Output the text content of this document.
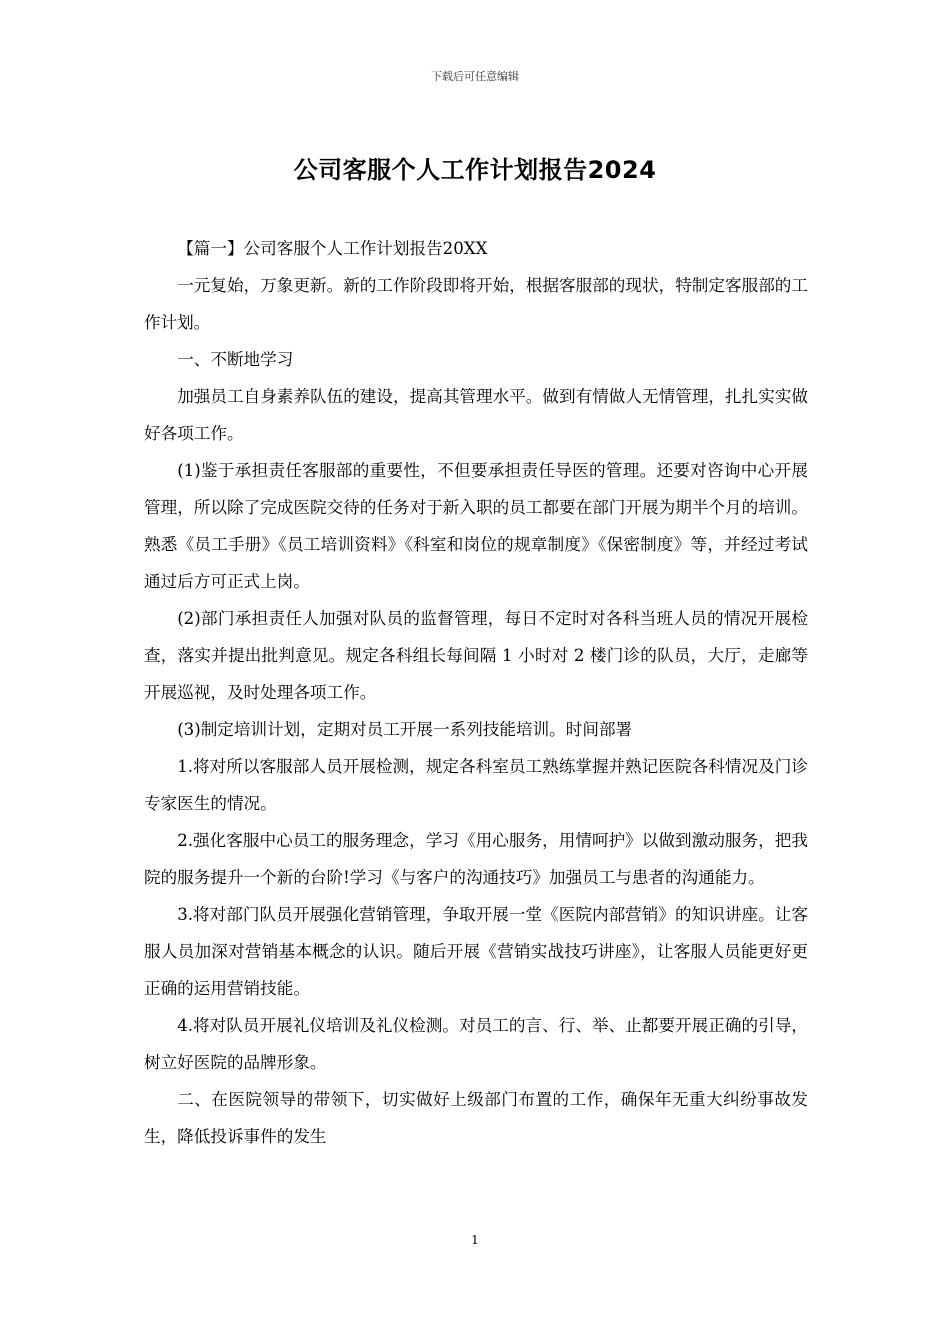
下载后可任意编辑
公司客服个人工作计划报告2024

【篇一】公司客服个人工作计划报告20XX

一元复始，万象更新。新的工作阶段即将开始，根据客服部的现状，特制定客服部的工作计划。

一、不断地学习

加强员工自身素养队伍的建设，提高其管理水平。做到有情做人无情管理，扎扎实实做好各项工作。

(1)鉴于承担责任客服部的重要性，不但要承担责任导医的管理。还要对咨询中心开展管理，所以除了完成医院交待的任务对于新入职的员工都要在部门开展为期半个月的培训。熟悉《员工手册》《员工培训资料》《科室和岗位的规章制度》《保密制度》等，并经过考试通过后方可正式上岗。

(2)部门承担责任人加强对队员的监督管理，每日不定时对各科当班人员的情况开展检查，落实并提出批判意见。规定各科组长每间隔 1 小时对 2 楼门诊的队员，大厅，走廊等开展巡视，及时处理各项工作。

(3)制定培训计划，定期对员工开展一系列技能培训。时间部署

1.将对所以客服部人员开展检测，规定各科室员工熟练掌握并熟记医院各科情况及门诊专家医生的情况。

2.强化客服中心员工的服务理念，学习《用心服务，用情呵护》以做到激动服务，把我院的服务提升一个新的台阶!学习《与客户的沟通技巧》加强员工与患者的沟通能力。

3.将对部门队员开展强化营销管理，争取开展一堂《医院内部营销》的知识讲座。让客服人员加深对营销基本概念的认识。随后开展《营销实战技巧讲座》，让客服人员能更好更正确的运用营销技能。

4.将对队员开展礼仪培训及礼仪检测。对员工的言、行、举、止都要开展正确的引导，树立好医院的品牌形象。

二、在医院领导的带领下，切实做好上级部门布置的工作，确保年无重大纠纷事故发生，降低投诉事件的发生

1
